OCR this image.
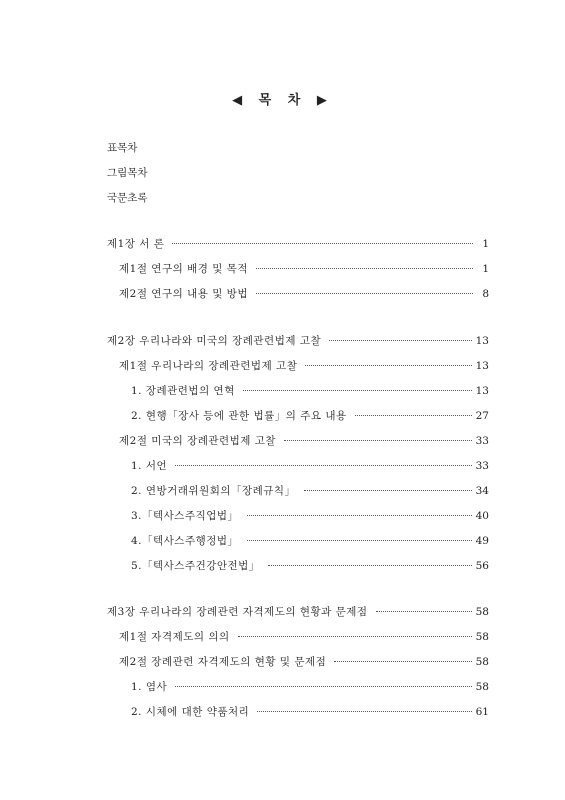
◀ 목 차 ▶
표목차
그림목차
국문초록
제1장 서 론	1
제1절 연구의 배경 및 목적	1
제2절 연구의 내용 및 방법	8
제2장 우리나라와 미국의 장례관련법제 고찰	13
제1절 우리나라의 장례관련법제 고찰	13
1. 장례관련법의 연혁	13
2. 현행「장사 등에 관한 법률」의 주요 내용	27
제2절 미국의 장례관련법제 고찰	33
1. 서언	33
2. 연방거래위원회의「장례규칙」	34
3.「텍사스주직업법」	40
4.「텍사스주행정법」	49
5.「텍사스주건강안전법」	56
제3장 우리나라의 장례관련 자격제도의 현황과 문제점	58
제1절 자격제도의 의의	58
제2절 장례관련 자격제도의 현황 및 문제점	58
1. 염사	58
2. 시체에 대한 약품처리	61
